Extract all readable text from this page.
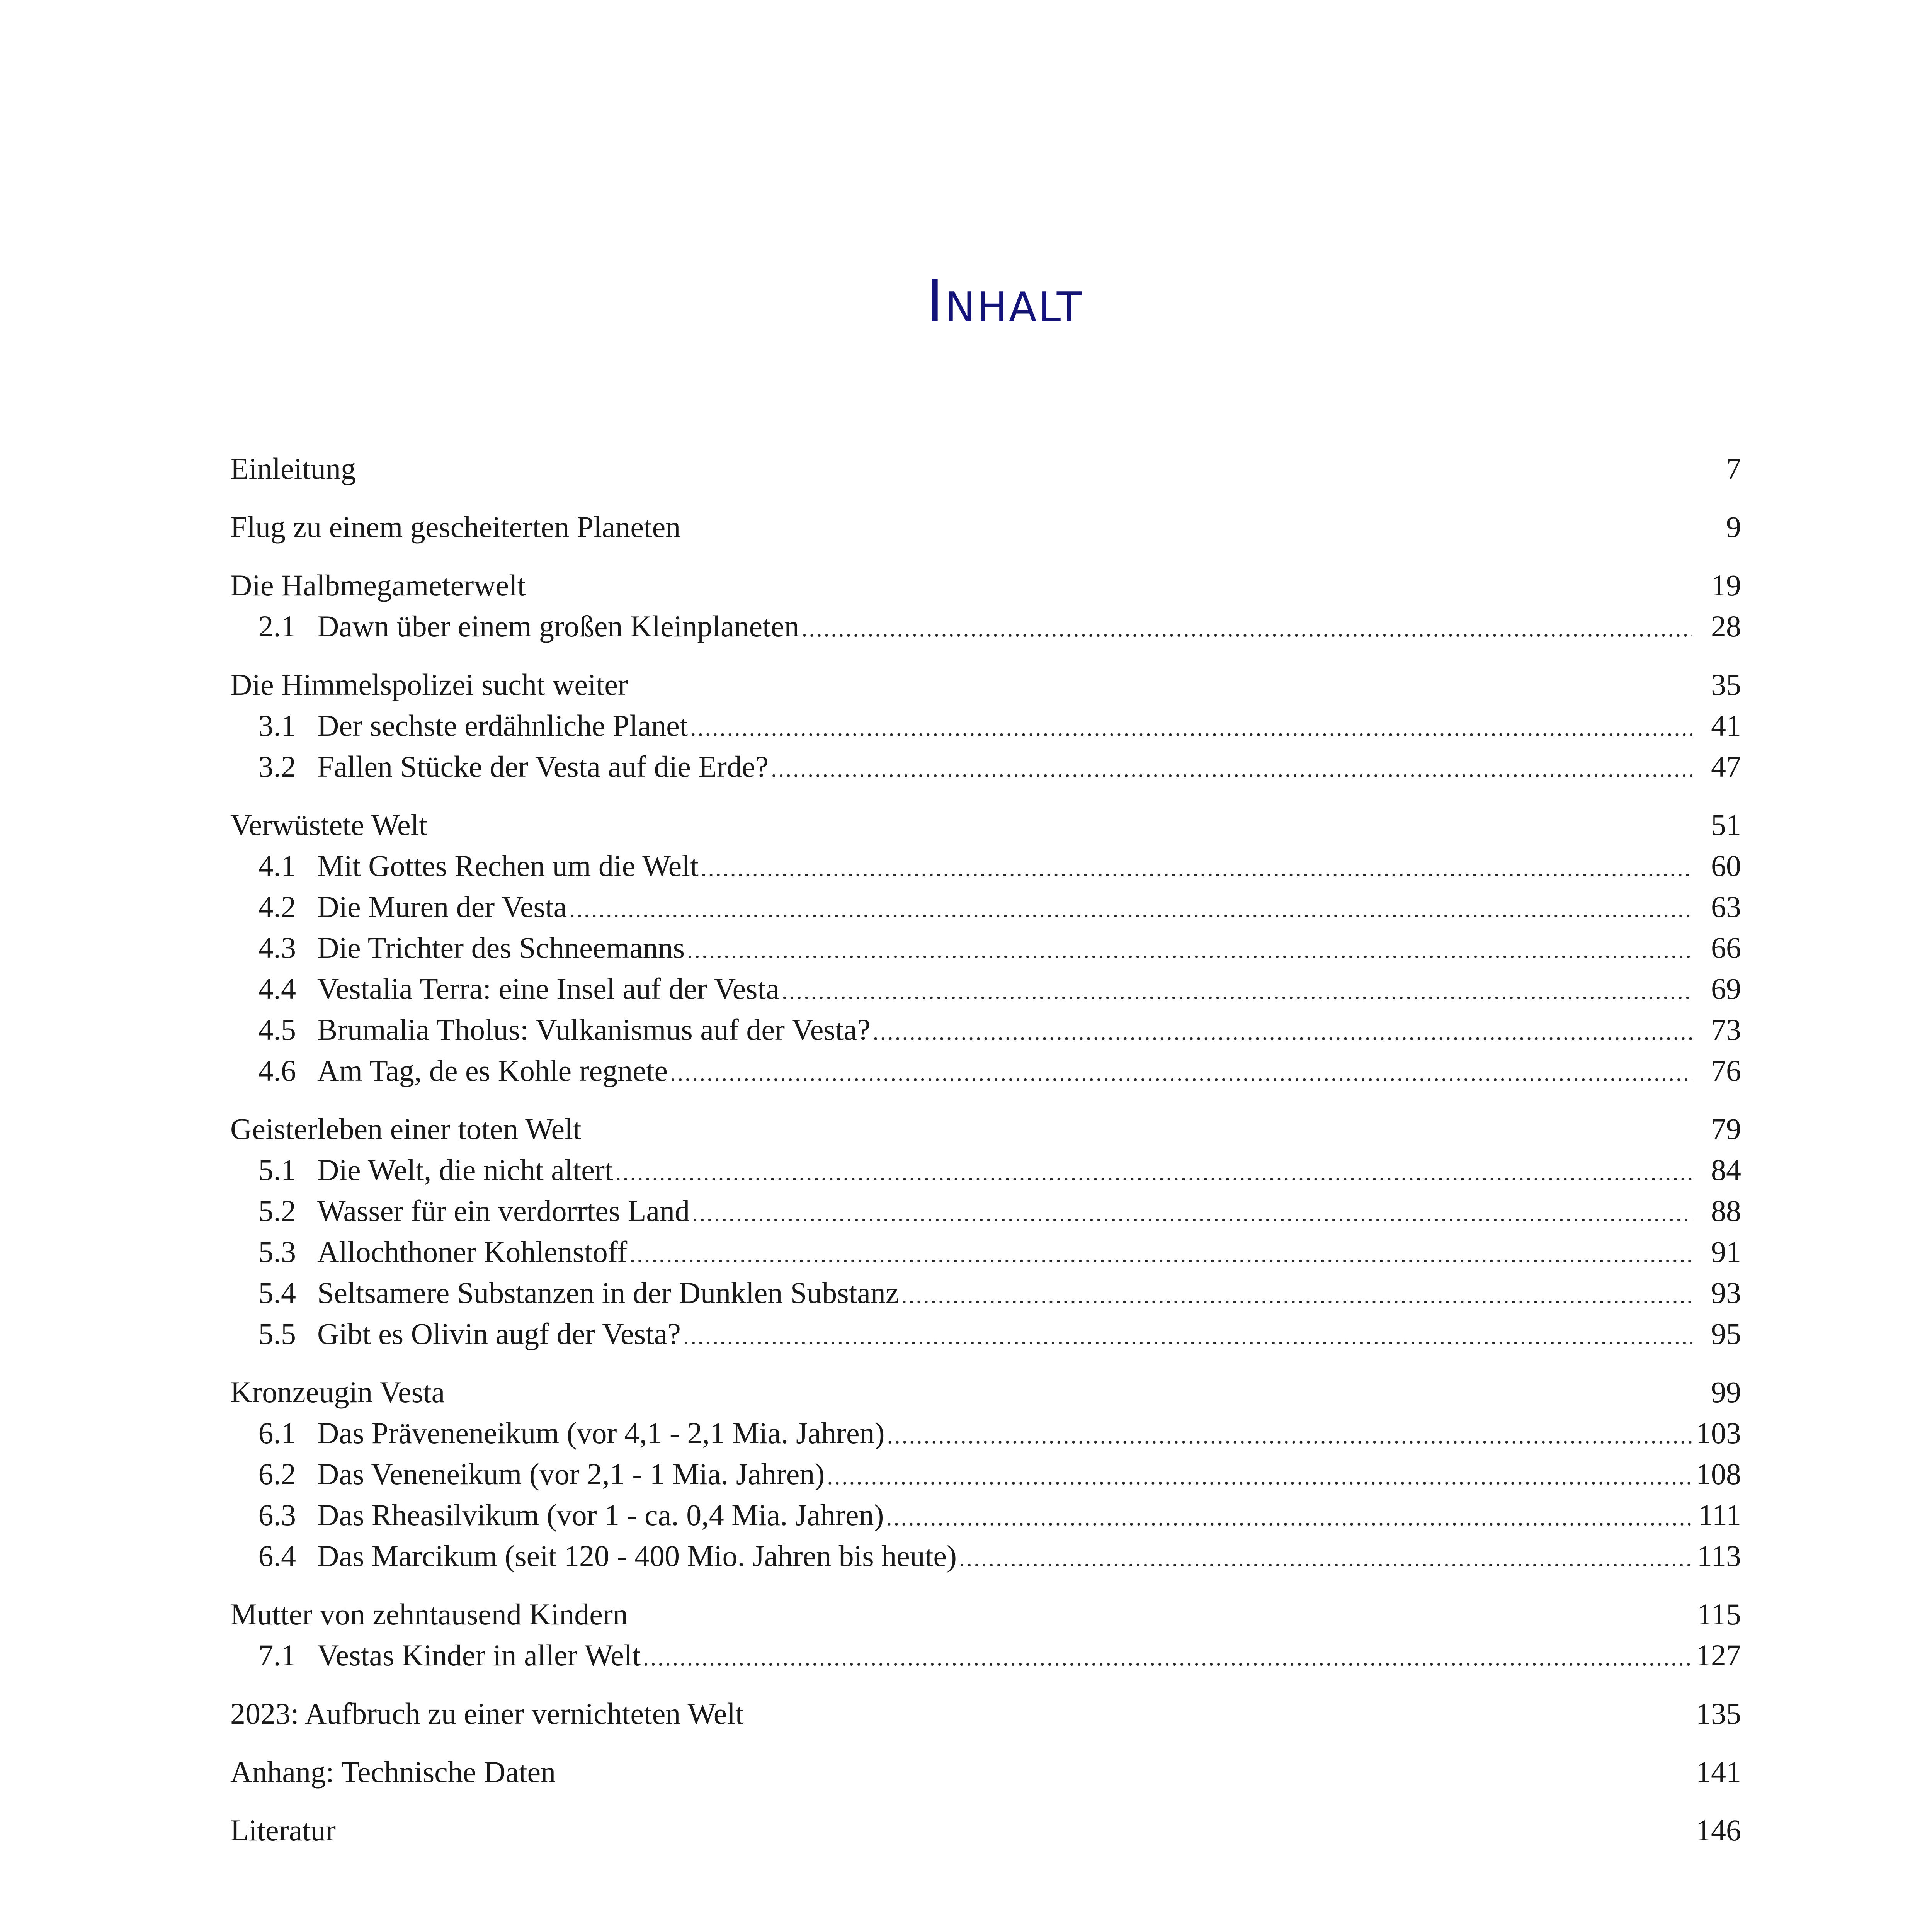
Inhalt
Einleitung	7
Flug zu einem gescheiterten Planeten	9
Die Halbmegameterwelt	19
2.1 Dawn über einem großen Kleinplaneten .....	28
Die Himmelspolizei sucht weiter	35
3.1 Der sechste erdähnliche Planet .....	41
3.2 Fallen Stücke der Vesta auf die Erde? .....	47
Verwüstete Welt	51
4.1 Mit Gottes Rechen um die Welt .....	60
4.2 Die Muren der Vesta .....	63
4.3 Die Trichter des Schneemanns .....	66
4.4 Vestalia Terra: eine Insel auf der Vesta .....	69
4.5 Brumalia Tholus: Vulkanismus auf der Vesta? .....	73
4.6 Am Tag, de es Kohle regnete .....	76
Geisterleben einer toten Welt	79
5.1 Die Welt, die nicht altert .....	84
5.2 Wasser für ein verdorrtes Land .....	88
5.3 Allochthoner Kohlenstoff .....	91
5.4 Seltsamere Substanzen in der Dunklen Substanz .....	93
5.5 Gibt es Olivin augf der Vesta? .....	95
Kronzeugin Vesta	99
6.1 Das Präveneneikum (vor 4,1 - 2,1 Mia. Jahren) .....	103
6.2 Das Veneneikum (vor 2,1 - 1 Mia. Jahren) .....	108
6.3 Das Rheasilvikum (vor 1 - ca. 0,4 Mia. Jahren) .....	111
6.4 Das Marcikum (seit 120 - 400 Mio. Jahren bis heute) .....	113
Mutter von zehntausend Kindern	115
7.1 Vestas Kinder in aller Welt .....	127
2023: Aufbruch zu einer vernichteten Welt	135
Anhang: Technische Daten	141
Literatur	146
